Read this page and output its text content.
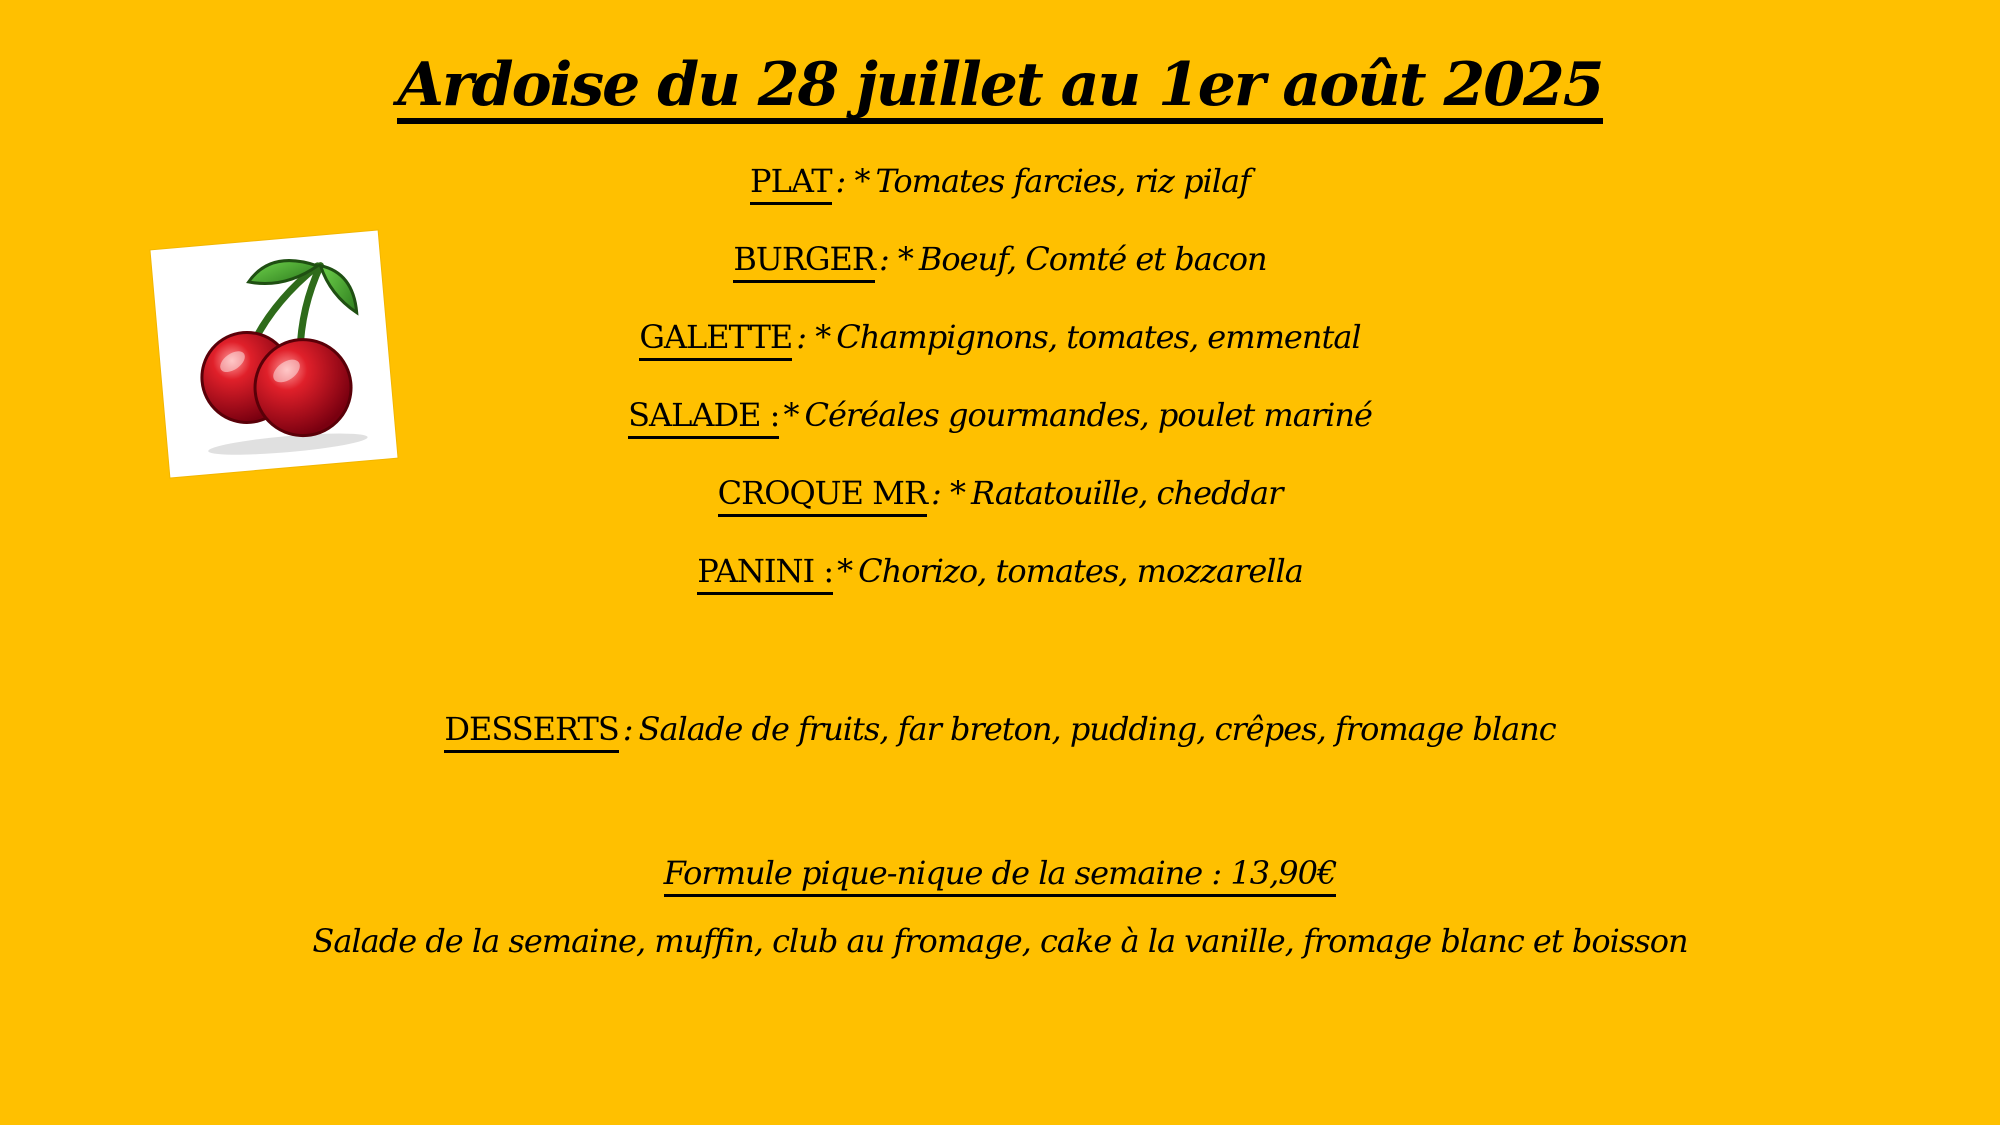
Ardoise du 28 juillet au 1er août 2025
PLAT : * Tomates farcies, riz pilaf
BURGER : * Boeuf, Comté et bacon
GALETTE : * Champignons, tomates, emmental
SALADE : * Céréales gourmandes, poulet mariné
CROQUE MR : * Ratatouille, cheddar
PANINI : * Chorizo, tomates, mozzarella
DESSERTS : Salade de fruits, far breton, pudding, crêpes, fromage blanc
Formule pique-nique de la semaine : 13,90€
Salade de la semaine, muffin, club au fromage, cake à la vanille, fromage blanc et boisson
